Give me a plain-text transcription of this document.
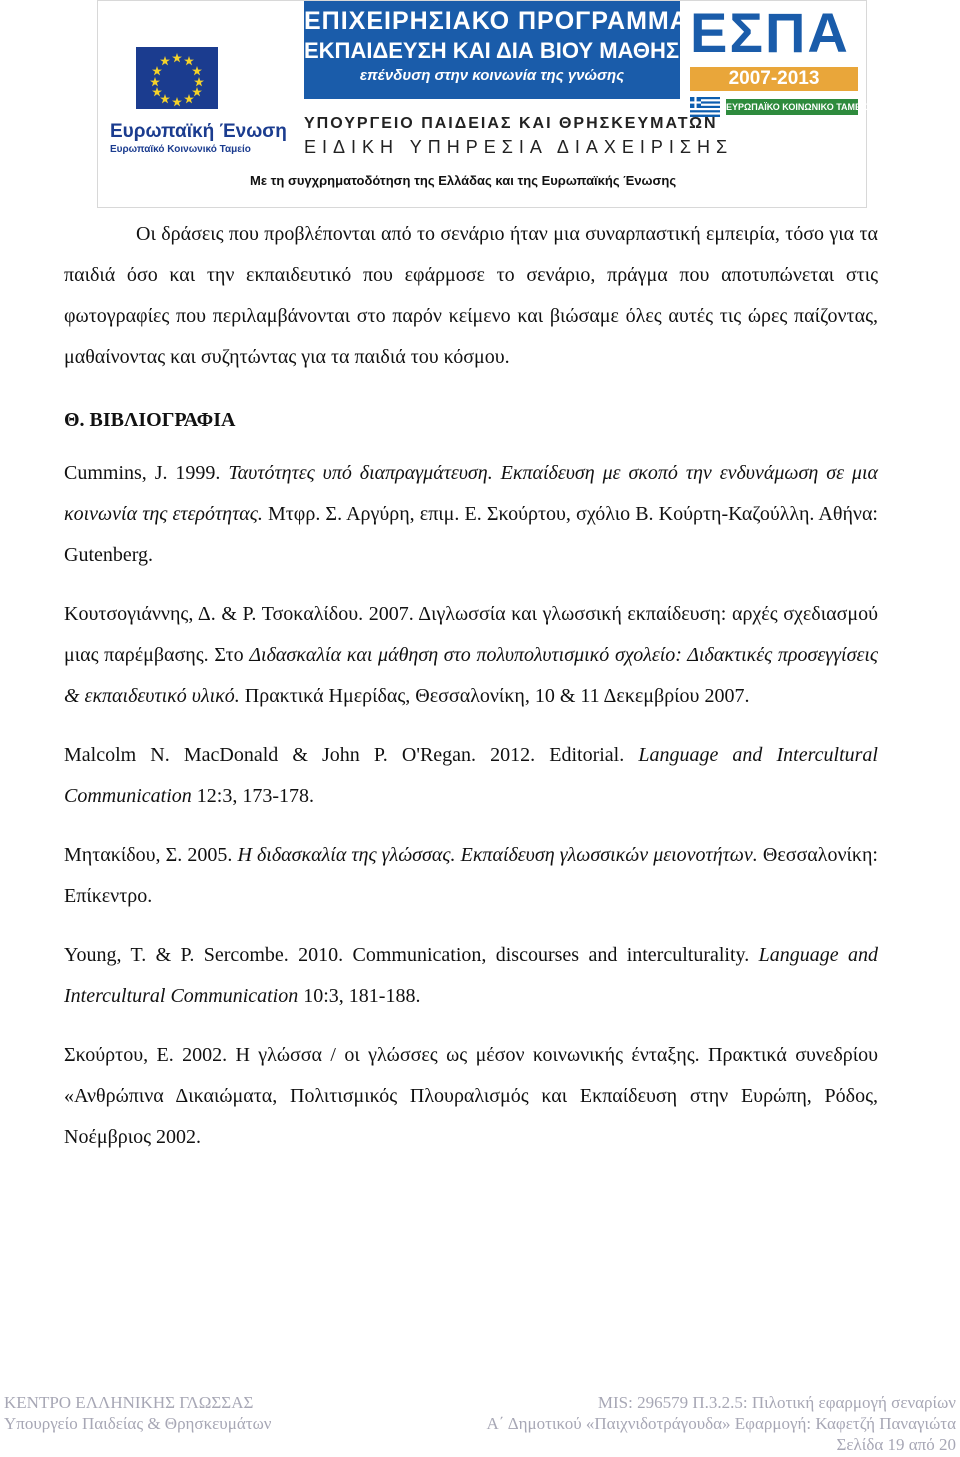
Ευρωπαϊκή Ένωση
Ευρωπαϊκό Κοινωνικό Ταμείο
ΕΠΙΧΕΙΡΗΣΙΑΚΟ ΠΡΟΓΡΑΜΜΑ
ΕΚΠΑΙΔΕΥΣΗ ΚΑΙ ΔΙΑ ΒΙΟΥ ΜΑΘΗΣΗ
επένδυση στην κοινωνία της γνώσης
ΕΣΠΑ
2007-2013
ΕΥΡΩΠΑΪΚΟ ΚΟΙΝΩΝΙΚΟ ΤΑΜΕΙΟ
ΥΠΟΥΡΓΕΙΟ ΠΑΙΔΕΙΑΣ ΚΑΙ ΘΡΗΣΚΕΥΜΑΤΩΝ
ΕΙΔΙΚΗ ΥΠΗΡΕΣΙΑ ΔΙΑΧΕΙΡΙΣΗΣ
Με τη συγχρηματοδότηση της Ελλάδας και της Ευρωπαϊκής Ένωσης

Οι δράσεις που προβλέπονται από το σενάριο ήταν μια συναρπαστική εμπειρία, τόσο για τα παιδιά όσο και την εκπαιδευτικό που εφάρμοσε το σενάριο, πράγμα που αποτυπώνεται στις φωτογραφίες που περιλαμβάνονται στο παρόν κείμενο και βιώσαμε όλες αυτές τις ώρες παίζοντας, μαθαίνοντας και συζητώντας για τα παιδιά του κόσμου.

Θ. ΒΙΒΛΙΟΓΡΑΦΙΑ

Cummins, J. 1999. Ταυτότητες υπό διαπραγμάτευση. Εκπαίδευση με σκοπό την ενδυνάμωση σε μια κοινωνία της ετερότητας. Μτφρ. Σ. Αργύρη, επιμ. Ε. Σκούρτου, σχόλιο Β. Κούρτη-Καζούλλη. Αθήνα: Gutenberg.

Κουτσογιάννης, Δ. & Ρ. Τσοκαλίδου. 2007. Διγλωσσία και γλωσσική εκπαίδευση: αρχές σχεδιασμού μιας παρέμβασης. Στο Διδασκαλία και μάθηση στο πολυπολυτισμικό σχολείο: Διδακτικές προσεγγίσεις & εκπαιδευτικό υλικό. Πρακτικά Ημερίδας, Θεσσαλονίκη, 10 & 11 Δεκεμβρίου 2007.

Malcolm N. MacDonald & John P. O'Regan. 2012. Editorial. Language and Intercultural Communication 12:3, 173-178.

Μητακίδου, Σ. 2005. Η διδασκαλία της γλώσσας. Εκπαίδευση γλωσσικών μειονοτήτων. Θεσσαλονίκη: Επίκεντρο.

Young, T. & P. Sercombe. 2010. Communication, discourses and interculturality. Language and Intercultural Communication 10:3, 181-188.

Σκούρτου, Ε. 2002. Η γλώσσα / οι γλώσσες ως μέσον κοινωνικής ένταξης. Πρακτικά συνεδρίου «Ανθρώπινα Δικαιώματα, Πολιτισμικός Πλουραλισμός και Εκπαίδευση στην Ευρώπη, Ρόδος, Νοέμβριος 2002.

ΚΕΝΤΡΟ ΕΛΛΗΝΙΚΗΣ ΓΛΩΣΣΑΣ
Υπουργείο Παιδείας & Θρησκευμάτων
MIS: 296579 Π.3.2.5: Πιλοτική εφαρμογή σεναρίων
Α΄ Δημοτικού «Παιχνιδοτράγουδα» Εφαρμογή: Καφετζή Παναγιώτα
Σελίδα 19 από 20
